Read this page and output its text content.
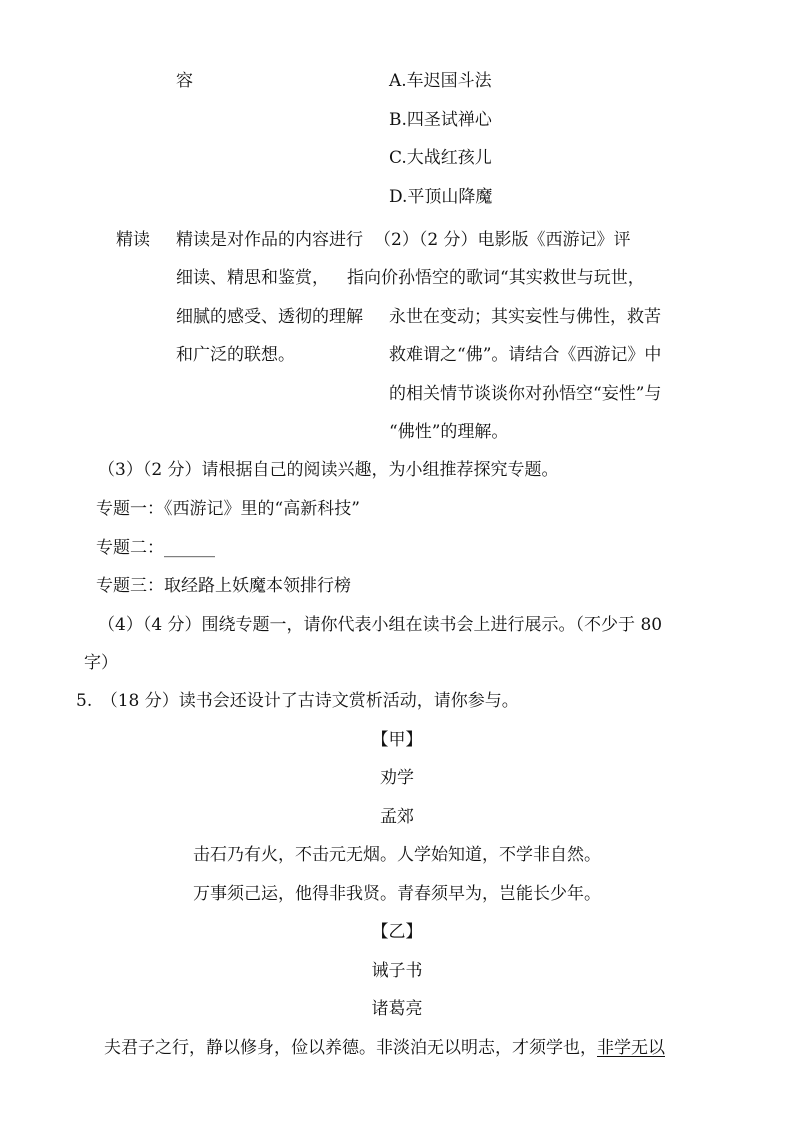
容	A.车迟国斗法
B.四圣试禅心
C.大战红孩儿
D.平顶山降魔
精读 精读是对作品的内容进行
细读、精思和鉴赏，
细腻的感受、透彻的理解
和广泛的联想。
（2）（2 分）电影版《西游记》评
指向价孙悟空的歌词“其实救世与玩世，
永世在变动；其实妄性与佛性，救苦
救难谓之“佛”。请结合《西游记》中
的相关情节谈谈你对孙悟空“妄性”与
“佛性”的理解。
（3）（2 分）请根据自己的阅读兴趣，为小组推荐探究专题。
专题一：《西游记》里的“高新科技”
专题二：______
专题三：取经路上妖魔本领排行榜
（4）（4 分）围绕专题一，请你代表小组在读书会上进行展示。（不少于 80
字）
5.　（18 分）读书会还设计了古诗文赏析活动，请你参与。
【甲】
劝学
孟郊
击石乃有火，不击元无烟。人学始知道，不学非自然。
万事须己运，他得非我贤。青春须早为，岂能长少年。
【乙】
诫子书
诸葛亮
夫君子之行，静以修身，俭以养德。非淡泊无以明志，才须学也，非学无以
